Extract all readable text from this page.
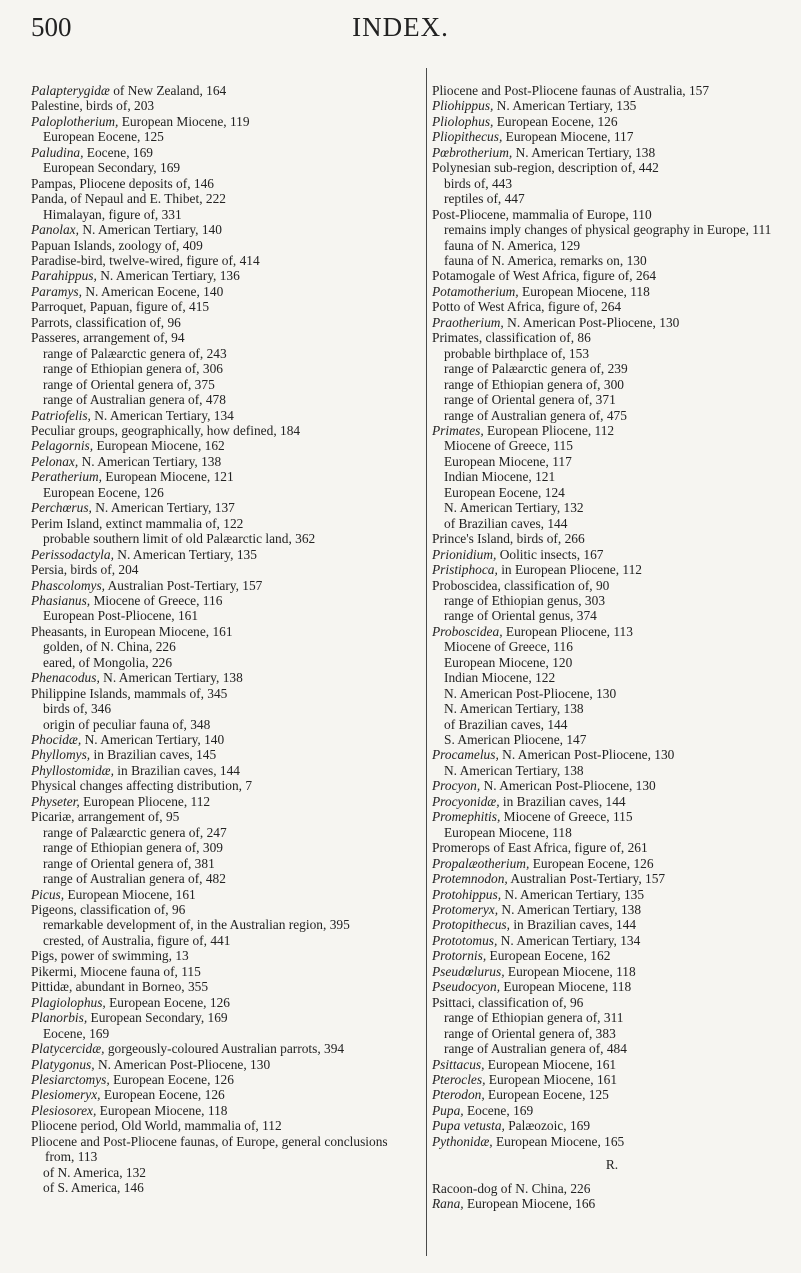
500	INDEX.
Palapterygidæ of New Zealand, 164
Palestine, birds of, 203
Paloplotherium, European Miocene, 119
European Eocene, 125
Paludina, Eocene, 169
European Secondary, 169
Pampas, Pliocene deposits of, 146
Panda, of Nepaul and E. Thibet, 222
Himalayan, figure of, 331
Panolax, N. American Tertiary, 140
Papuan Islands, zoology of, 409
Paradise-bird, twelve-wired, figure of, 414
Parahippus, N. American Tertiary, 136
Paramys, N. American Eocene, 140
Parroquet, Papuan, figure of, 415
Parrots, classification of, 96
Passeres, arrangement of, 94
range of Palæarctic genera of, 243
range of Ethiopian genera of, 306
range of Oriental genera of, 375
range of Australian genera of, 478
Patriofelis, N. American Tertiary, 134
Peculiar groups, geographically, how defined, 184
Pelagornis, European Miocene, 162
Pelonax, N. American Tertiary, 138
Peratherium, European Miocene, 121
European Eocene, 126
Perchœrus, N. American Tertiary, 137
Perim Island, extinct mammalia of, 122
probable southern limit of old Palæarctic land, 362
Perissodactyla, N. American Tertiary, 135
Persia, birds of, 204
Phascolomys, Australian Post-Tertiary, 157
Phasianus, Miocene of Greece, 116
European Post-Pliocene, 161
Pheasants, in European Miocene, 161
golden, of N. China, 226
eared, of Mongolia, 226
Phenacodus, N. American Tertiary, 138
Philippine Islands, mammals of, 345
birds of, 346
origin of peculiar fauna of, 348
Phocidæ, N. American Tertiary, 140
Phyllomys, in Brazilian caves, 145
Phyllostomidæ, in Brazilian caves, 144
Physical changes affecting distribution, 7
Physeter, European Pliocene, 112
Picariæ, arrangement of, 95
range of Palæarctic genera of, 247
range of Ethiopian genera of, 309
range of Oriental genera of, 381
range of Australian genera of, 482
Picus, European Miocene, 161
Pigeons, classification of, 96
remarkable development of, in the Australian region, 395
crested, of Australia, figure of, 441
Pigs, power of swimming, 13
Pikermi, Miocene fauna of, 115
Pittidæ, abundant in Borneo, 355
Plagiolophus, European Eocene, 126
Planorbis, European Secondary, 169
Eocene, 169
Platycercidæ, gorgeously-coloured Australian parrots, 394
Platygonus, N. American Post-Pliocene, 130
Plesiarctomys, European Eocene, 126
Plesiomeryx, European Eocene, 126
Plesiosorex, European Miocene, 118
Pliocene period, Old World, mammalia of, 112
Pliocene and Post-Pliocene faunas, of Europe, general conclusions from, 113
of N. America, 132
of S. America, 146
Pliocene and Post-Pliocene faunas of Australia, 157
Pliohippus, N. American Tertiary, 135
Pliolophus, European Eocene, 126
Pliopithecus, European Miocene, 117
Pœbrotherium, N. American Tertiary, 138
Polynesian sub-region, description of, 442
birds of, 443
reptiles of, 447
Post-Pliocene, mammalia of Europe, 110
remains imply changes of physical geography in Europe, 111
fauna of N. America, 129
fauna of N. America, remarks on, 130
Potamogale of West Africa, figure of, 264
Potamotherium, European Miocene, 118
Potto of West Africa, figure of, 264
Praotherium, N. American Post-Pliocene, 130
Primates, classification of, 86
probable birthplace of, 153
range of Palæarctic genera of, 239
range of Ethiopian genera of, 300
range of Oriental genera of, 371
range of Australian genera of, 475
Primates, European Pliocene, 112
Miocene of Greece, 115
European Miocene, 117
Indian Miocene, 121
European Eocene, 124
N. American Tertiary, 132
of Brazilian caves, 144
Prince's Island, birds of, 266
Prionidium, Oolitic insects, 167
Pristiphoca, in European Pliocene, 112
Proboscidea, classification of, 90
range of Ethiopian genus, 303
range of Oriental genus, 374
Proboscidea, European Pliocene, 113
Miocene of Greece, 116
European Miocene, 120
Indian Miocene, 122
N. American Post-Pliocene, 130
N. American Tertiary, 138
of Brazilian caves, 144
S. American Pliocene, 147
Procamelus, N. American Post-Pliocene, 130
N. American Tertiary, 138
Procyon, N. American Post-Pliocene, 130
Procyonidæ, in Brazilian caves, 144
Promephitis, Miocene of Greece, 115
European Miocene, 118
Promerops of East Africa, figure of, 261
Propalæotherium, European Eocene, 126
Protemnodon, Australian Post-Tertiary, 157
Protohippus, N. American Tertiary, 135
Protomeryx, N. American Tertiary, 138
Protopithecus, in Brazilian caves, 144
Prototomus, N. American Tertiary, 134
Protornis, European Eocene, 162
Pseudœlurus, European Miocene, 118
Pseudocyon, European Miocene, 118
Psittaci, classification of, 96
range of Ethiopian genera of, 311
range of Oriental genera of, 383
range of Australian genera of, 484
Psittacus, European Miocene, 161
Pterocles, European Miocene, 161
Pterodon, European Eocene, 125
Pupa, Eocene, 169
Pupa vetusta, Palæozoic, 169
Pythonidæ, European Miocene, 165
R.
Racoon-dog of N. China, 226
Rana, European Miocene, 166
